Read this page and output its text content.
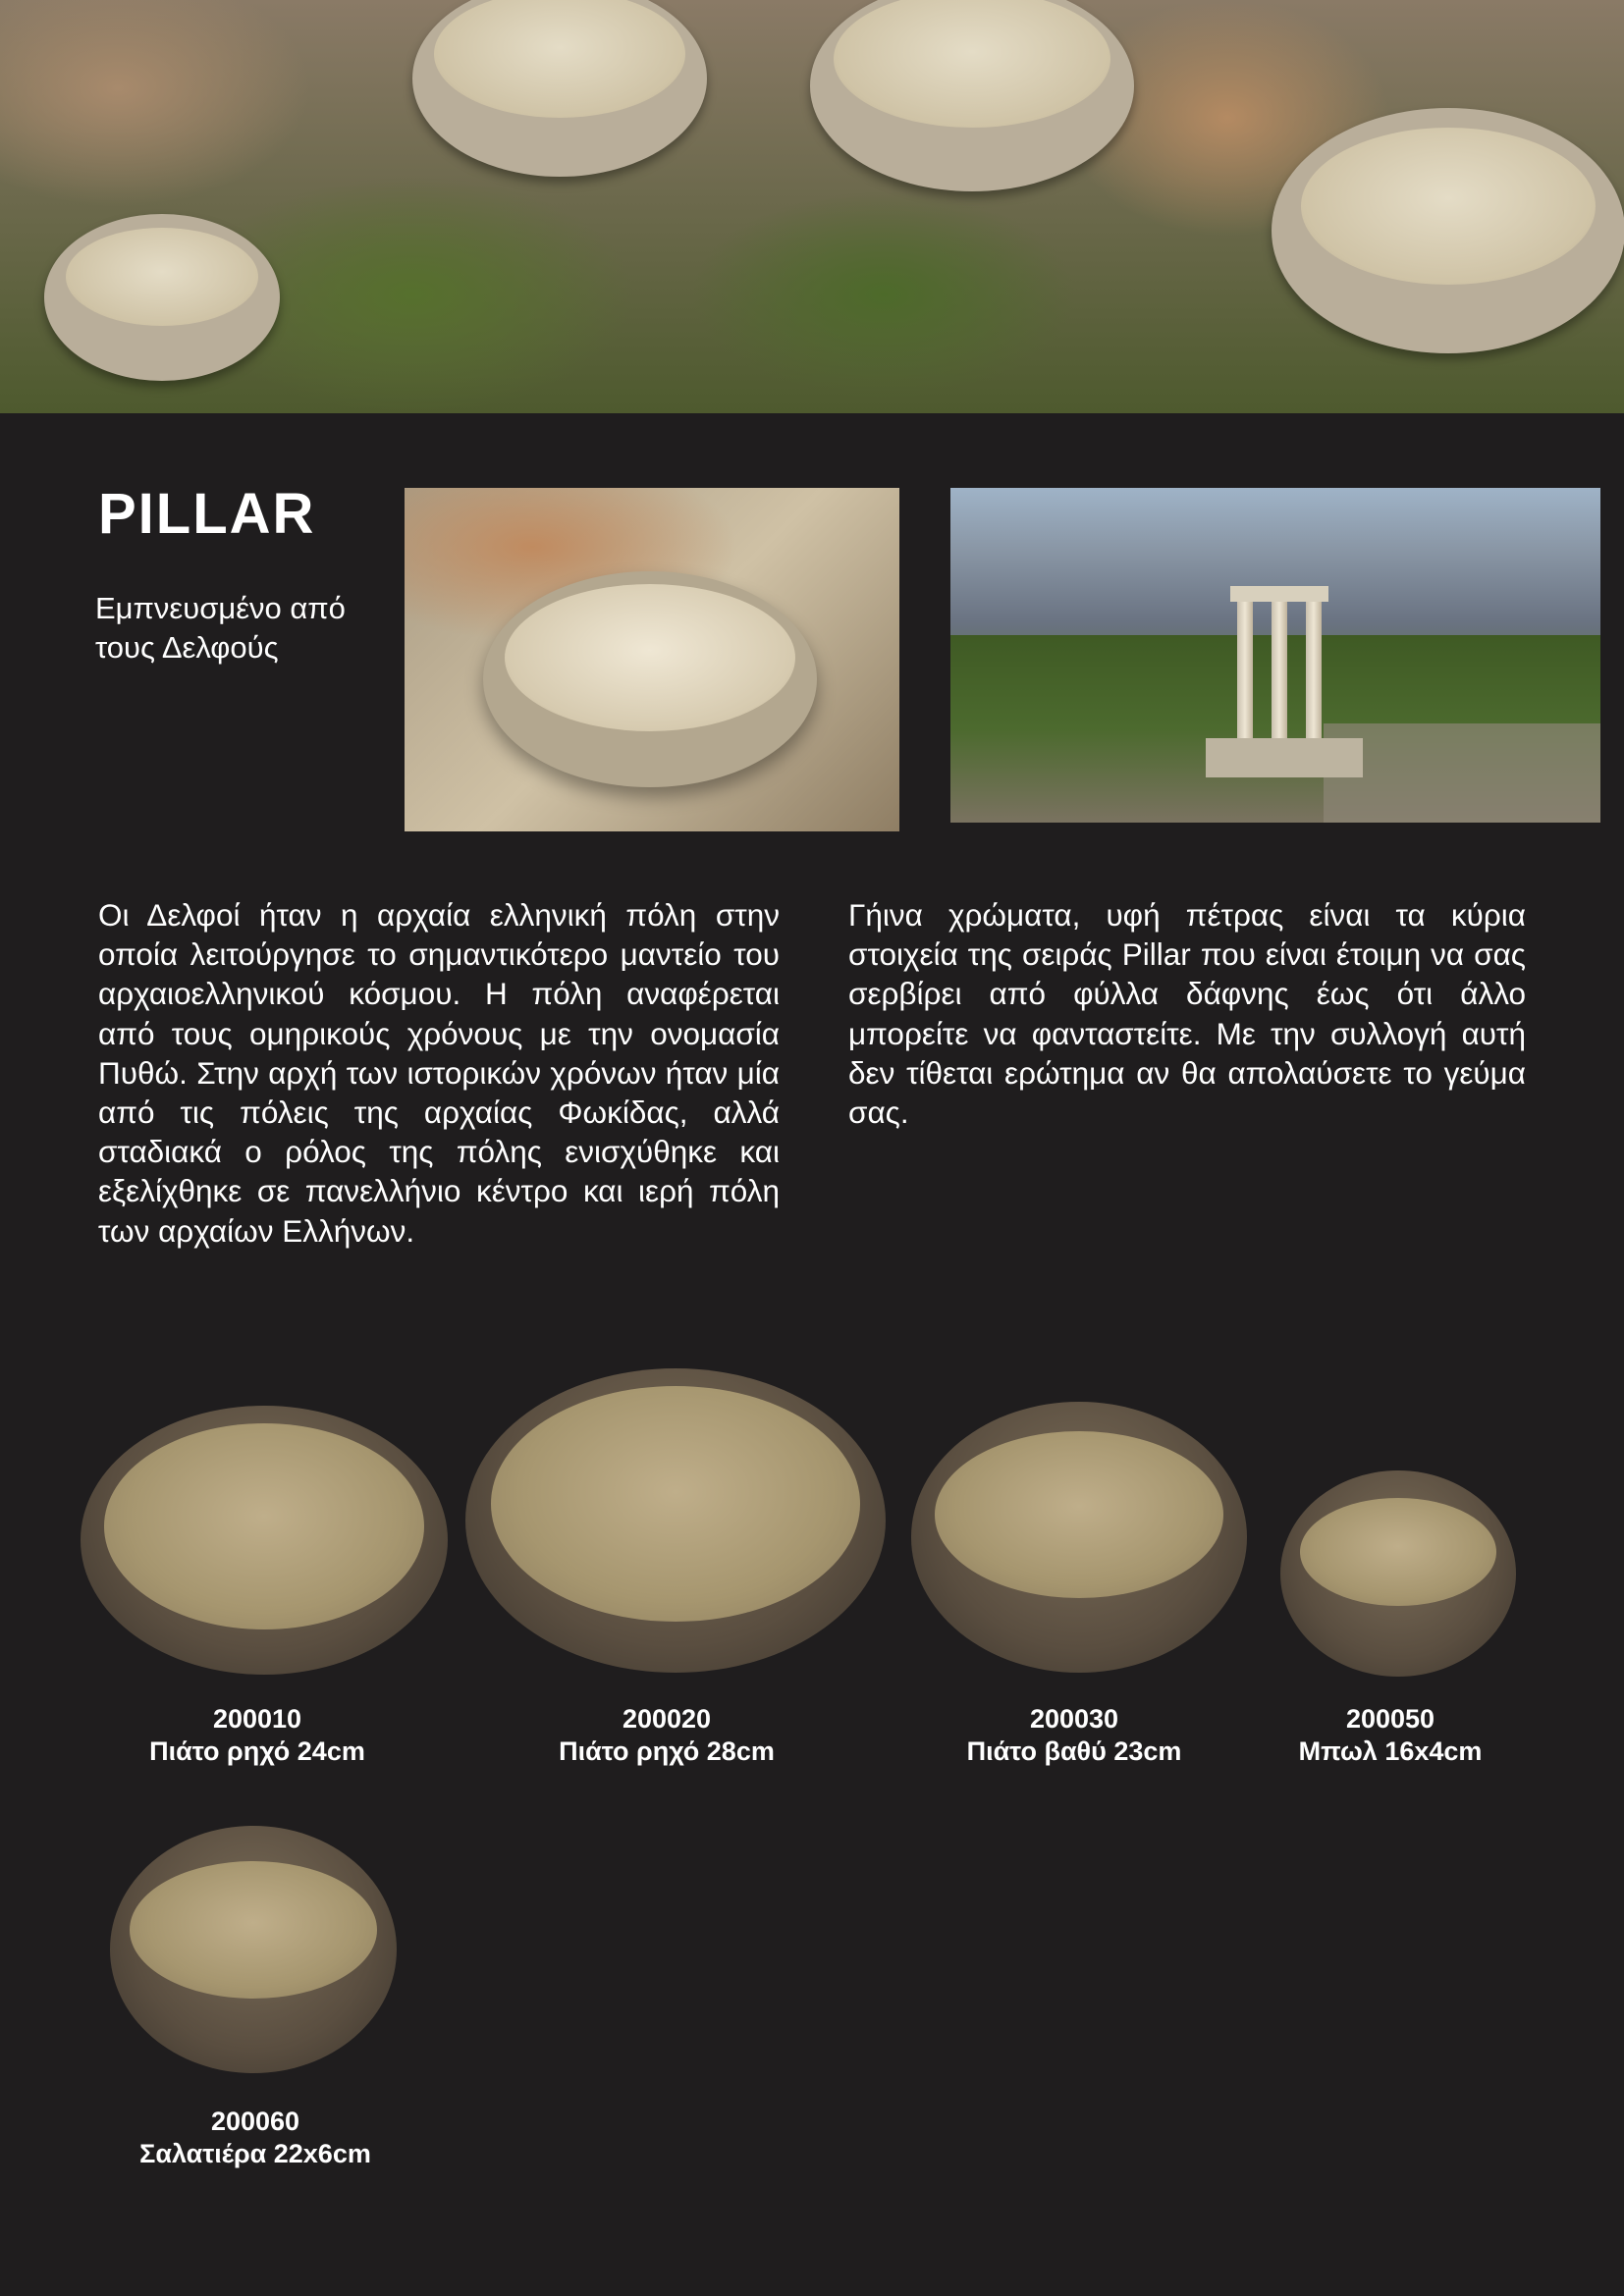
PILLAR
Εμπνευσμένο από τους Δελφούς
Οι Δελφοί ήταν η αρχαία ελληνική πόλη στην οποία λειτούργησε το σημαντικότερο μαντείο του αρχαιοελληνικού κόσμου. Η πόλη αναφέρεται από τους ομηρικούς χρόνους με την ονομασία Πυθώ. Στην αρχή των ιστορικών χρόνων ήταν μία από τις πόλεις της αρχαίας Φωκίδας, αλλά σταδιακά ο ρόλος της πόλης ενισχύθηκε και εξελίχθηκε σε πανελλήνιο κέντρο και ιερή πόλη των αρχαίων Ελλήνων.
Γήινα χρώματα, υφή πέτρας είναι τα κύρια στοιχεία της σειράς Pillar που είναι έτοιμη να σας σερβίρει από φύλλα δάφνης έως ότι άλλο μπορείτε να φανταστείτε. Με την συλλογή αυτή δεν τίθεται ερώτημα αν θα απολαύσετε το γεύμα σας.
200010
Πιάτο ρηχό 24cm
200020
Πιάτο ρηχό 28cm
200030
Πιάτο βαθύ 23cm
200050
Μπωλ 16x4cm
200060
Σαλατιέρα 22x6cm
